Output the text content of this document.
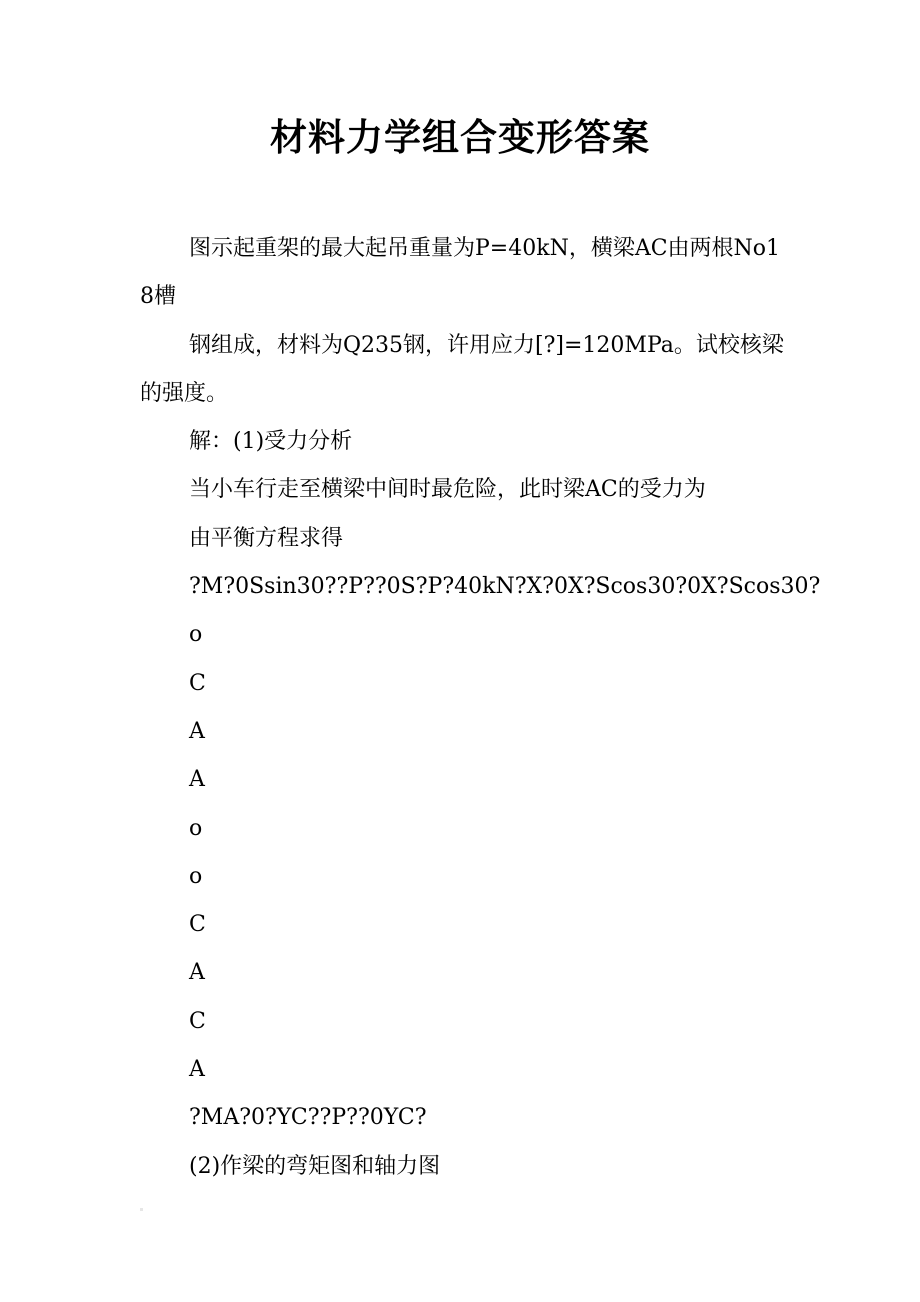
材料力学组合变形答案

图示起重架的最大起吊重量为P=40kN，横梁AC由两根No18槽

钢组成，材料为Q235钢，许用应力[?]=120MPa。试校核梁的强度。

解：(1)受力分析

当小车行走至横梁中间时最危险，此时梁AC的受力为

由平衡方程求得

?M?0Ssin30??P??0S?P?40kN?X?0X?Scos30?0X?Scos30?

o

C

A

A

o

o

C

A

C

A

?MA?0?YC??P??0YC?

(2)作梁的弯矩图和轴力图
